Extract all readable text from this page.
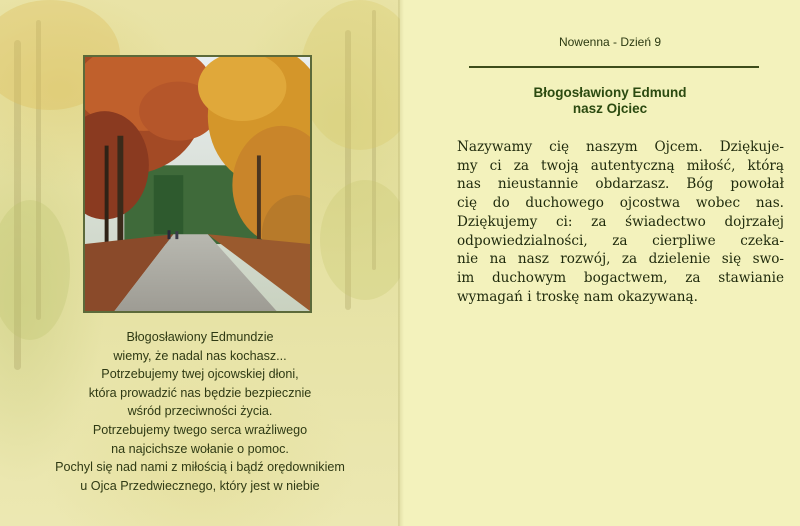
Błogosławiony Edmundzie
wiemy, że nadal nas kochasz...
Potrzebujemy twej ojcowskiej dłoni,
która prowadzić nas będzie bezpiecznie
wśród przeciwności życia.
Potrzebujemy twego serca wrażliwego
na najcichsze wołanie o pomoc.
Pochyl się nad nami z miłością i bądź orędownikiem
u Ojca Przedwiecznego, który jest w niebie
Nowenna - Dzień 9
Błogosławiony Edmund
nasz Ojciec
Nazywamy cię naszym Ojcem. Dziękuje-
my ci za twoją autentyczną miłość, którą
nas nieustannie obdarzasz. Bóg powołał
cię do duchowego ojcostwa wobec nas.
Dziękujemy ci: za świadectwo dojrzałej
odpowiedzialności, za cierpliwe czeka-
nie na nasz rozwój, za dzielenie się swo-
im duchowym bogactwem, za stawianie
wymagań i troskę nam okazywaną.
